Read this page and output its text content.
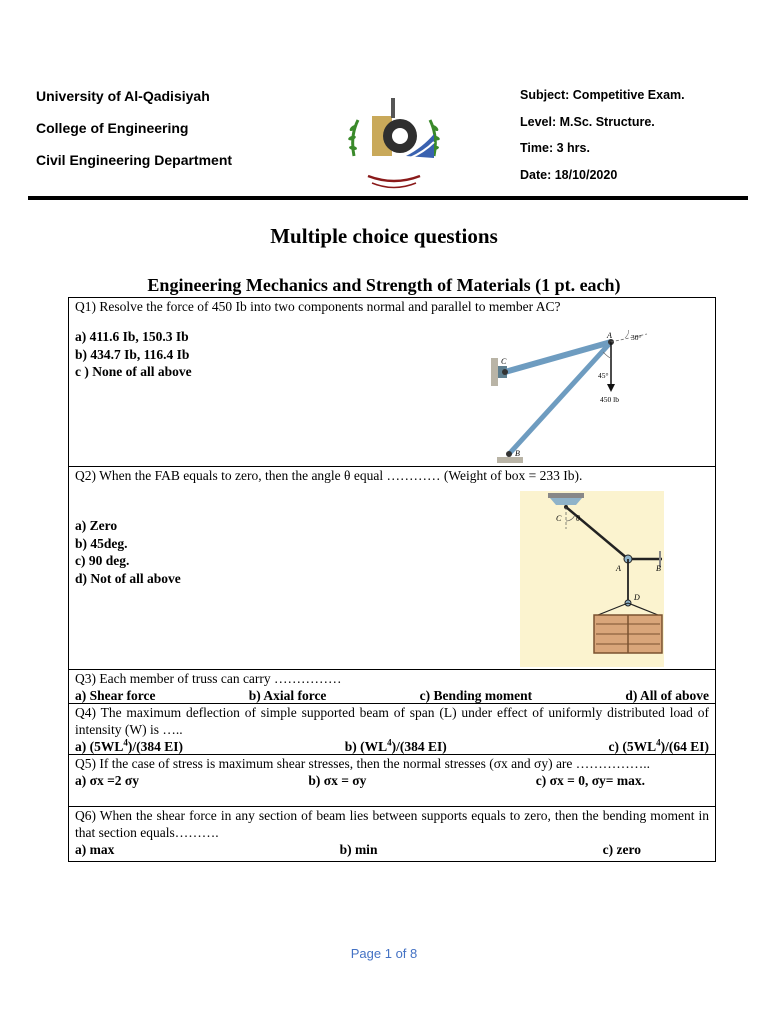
University of Al-Qadisiyah
College of Engineering
Civil Engineering Department
Subject: Competitive Exam.
Level: M.Sc. Structure.
Time: 3 hrs.
Date: 18/10/2020
Multiple choice questions
Engineering Mechanics and Strength of Materials (1 pt. each)
Q1) Resolve the force of 450 Ib into two components normal and parallel to member AC?
a) 411.6 Ib, 150.3 Ib
b) 434.7 Ib, 116.4 Ib
c ) None of all above
30°
45°
450 lb
A
C
B
Q2) When the FAB equals to zero, then the angle θ equal ………… (Weight of box = 233 Ib).
a) Zero
b) 45deg.
c) 90 deg.
d) Not of all above
C θ
A	B
D
Q3) Each member of truss can carry ……………
a) Shear force	b) Axial force	c) Bending moment	d) All of above
Q4) The maximum deflection of simple supported beam of span (L) under effect of uniformly distributed load of intensity (W) is …..
a) $(5WL^4)/(384$ EI)	b) $(WL^4)/(384$ EI)	c) $(5WL^4)/(64$ EI)
Q5) If the case of stress is maximum shear stresses, then the normal stresses (σx and σy) are ……………..
a) σx =2 σy	b) σx = σy	c) σx = 0, σy= max.
Q6) When the shear force in any section of beam lies between supports equals to zero, then the bending moment in that section equals……….
a) max	b) min	c) zero
Page 1 of 8
